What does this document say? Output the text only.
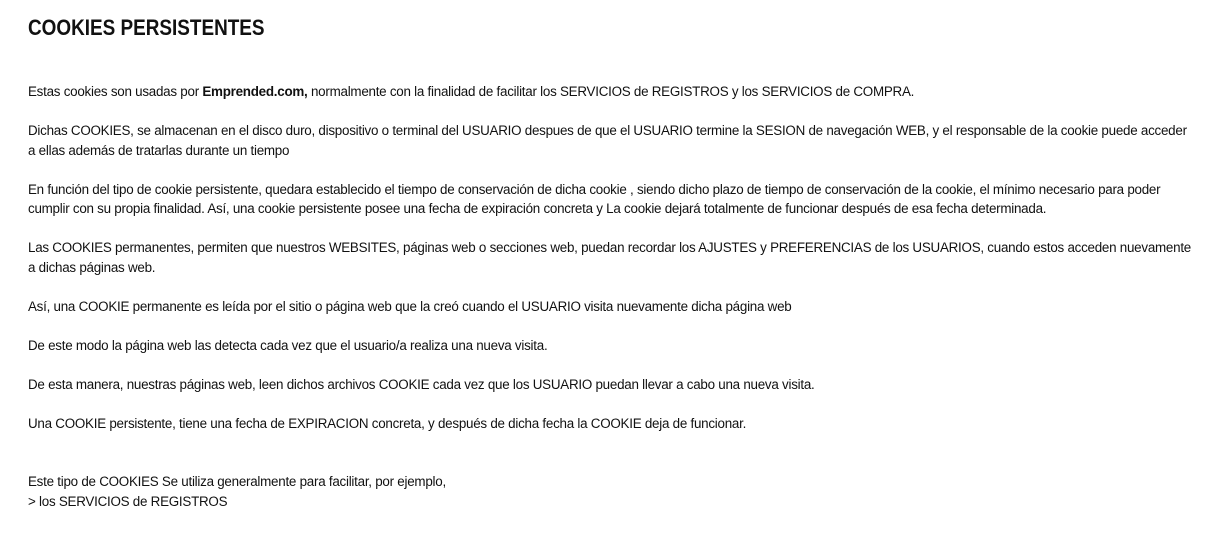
COOKIES PERSISTENTES

Estas cookies son usadas por Emprended.com, normalmente con la finalidad de facilitar los SERVICIOS de REGISTROS y los SERVICIOS de COMPRA.

Dichas COOKIES, se almacenan en el disco duro, dispositivo o terminal del USUARIO despues de que el USUARIO termine la SESION de navegación WEB, y el responsable de la cookie puede acceder a ellas además de tratarlas durante un tiempo

En función del tipo de cookie persistente, quedara establecido el tiempo de conservación de dicha cookie , siendo dicho plazo de tiempo de conservación de la cookie, el mínimo necesario para poder cumplir con su propia finalidad. Así, una cookie persistente posee una fecha de expiración concreta y La cookie dejará totalmente de funcionar después de esa fecha determinada.

Las COOKIES permanentes, permiten que nuestros WEBSITES, páginas web o secciones web, puedan recordar los AJUSTES y PREFERENCIAS de los USUARIOS, cuando estos acceden nuevamente a dichas páginas web.

Así, una COOKIE permanente es leída por el sitio o página web que la creó cuando el USUARIO visita nuevamente dicha página web

De este modo la página web las detecta cada vez que el usuario/a realiza una nueva visita.

De esta manera, nuestras páginas web, leen dichos archivos COOKIE cada vez que los USUARIO puedan llevar a cabo una nueva visita.

Una COOKIE persistente, tiene una fecha de EXPIRACION concreta, y después de dicha fecha la COOKIE deja de funcionar.

Este tipo de COOKIES Se utiliza generalmente para facilitar, por ejemplo,

> los SERVICIOS de REGISTROS
